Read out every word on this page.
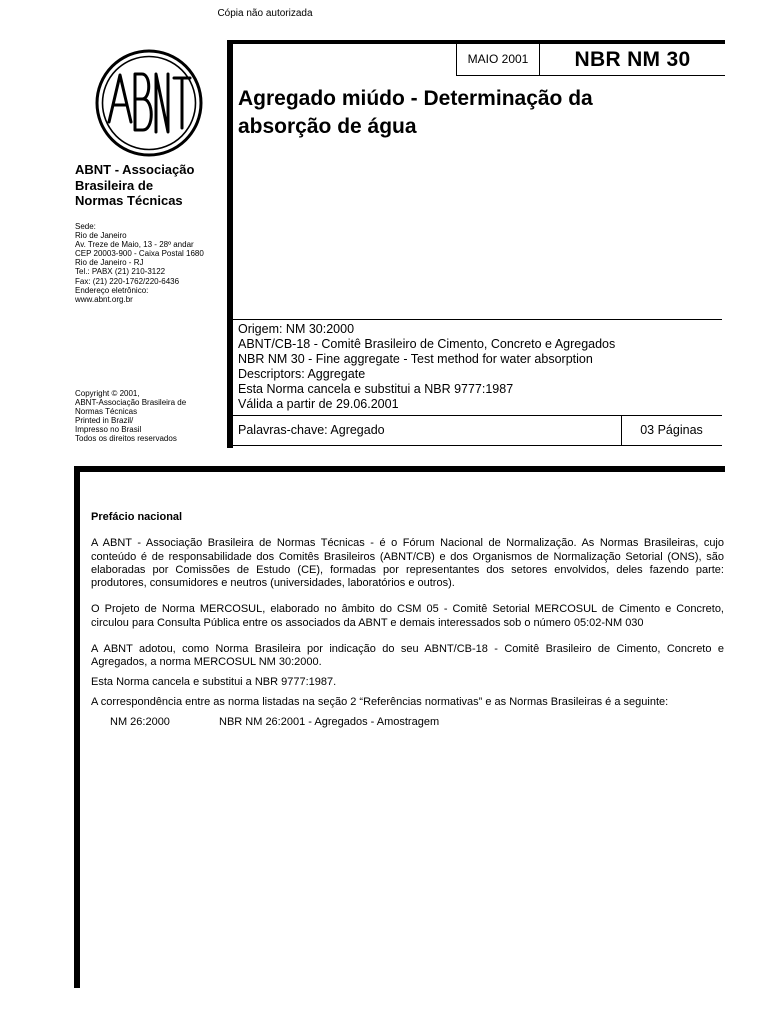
Cópia não autorizada
ABNT - Associação
Brasileira de
Normas Técnicas
Sede:
Rio de Janeiro
Av. Treze de Maio, 13 - 28º andar
CEP 20003-900 - Caixa Postal 1680
Rio de Janeiro - RJ
Tel.: PABX (21) 210-3122
Fax: (21) 220-1762/220-6436
Endereço eletrônico:
www.abnt.org.br
Copyright © 2001,
ABNT-Associação Brasileira de
Normas Técnicas
Printed in Brazil/
Impresso no Brasil
Todos os direitos reservados
MAIO 2001	NBR NM 30
Agregado miúdo - Determinação da
absorção de água
Origem: NM 30:2000
ABNT/CB-18 - Comitê Brasileiro de Cimento, Concreto e Agregados
NBR NM 30 - Fine aggregate - Test method for water absorption
Descriptors: Aggregate
Esta Norma cancela e substitui a NBR 9777:1987
Válida a partir de 29.06.2001
Palavras-chave: Agregado	03 Páginas
Prefácio nacional

A ABNT - Associação Brasileira de Normas Técnicas - é o Fórum Nacional de Normalização. As Normas Brasileiras, cujo conteúdo é de responsabilidade dos Comitês Brasileiros (ABNT/CB) e dos Organismos de Normalização Setorial (ONS), são elaboradas por Comissões de Estudo (CE), formadas por representantes dos setores envolvidos, deles fazendo parte: produtores, consumidores e neutros (universidades, laboratórios e outros).

O Projeto de Norma MERCOSUL, elaborado no âmbito do CSM 05 - Comitê Setorial MERCOSUL de Cimento e Concreto, circulou para Consulta Pública entre os associados da ABNT e demais interessados sob o número 05:02-NM 030

A ABNT adotou, como Norma Brasileira por indicação do seu ABNT/CB-18 - Comitê Brasileiro de Cimento, Concreto e Agregados, a norma MERCOSUL NM 30:2000.

Esta Norma cancela e substitui a NBR 9777:1987.

A correspondência entre as norma listadas na seção 2 “Referências normativas” e as Normas Brasileiras é a seguinte:

NM 26:2000	NBR NM 26:2001 - Agregados - Amostragem
